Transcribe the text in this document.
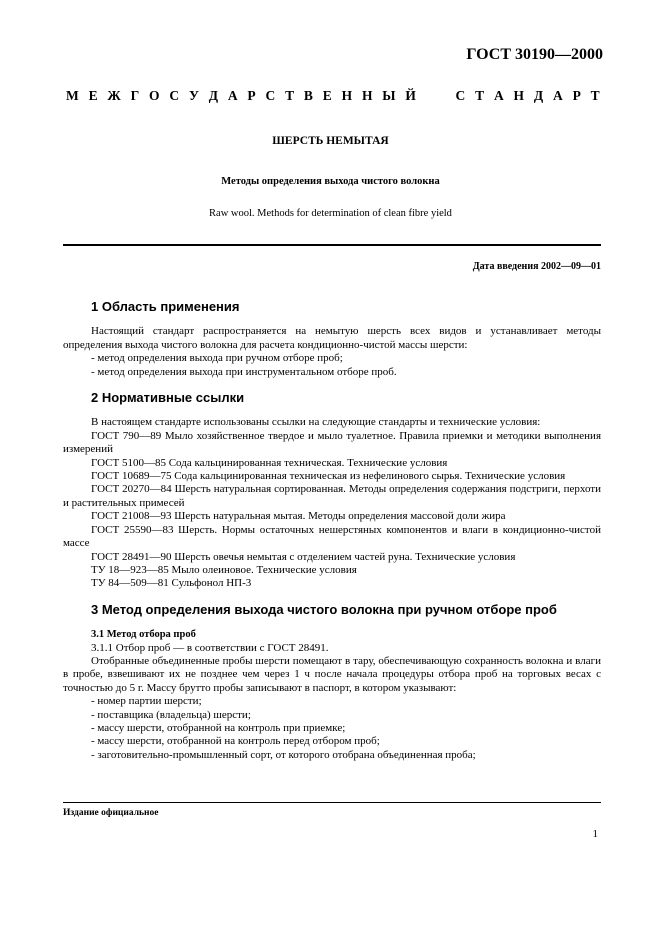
ГОСТ 30190—2000
М Е Ж Г О С У Д А Р С Т В Е Н Н Ы Й	С Т А Н Д А Р Т
ШЕРСТЬ НЕМЫТАЯ
Методы определения выхода чистого волокна
Raw wool. Methods for determination of clean fibre yield
Дата введения 2002—09—01
1 Область применения

Настоящий стандарт распространяется на немытую шерсть всех видов и устанавливает методы определения выхода чистого волокна для расчета кондиционно-чистой массы шерсти:

- метод определения выхода при ручном отборе проб;
- метод определения выхода при инструментальном отборе проб.
2 Нормативные ссылки

В настоящем стандарте использованы ссылки на следующие стандарты и технические условия:

ГОСТ 790—89 Мыло хозяйственное твердое и мыло туалетное. Правила приемки и методики выполнения измерений
ГОСТ 5100—85 Сода кальцинированная техническая. Технические условия
ГОСТ 10689—75 Сода кальцинированная техническая из нефелинового сырья. Технические условия
ГОСТ 20270—84 Шерсть натуральная сортированная. Методы определения содержания подстриги, перхоти и растительных примесей
ГОСТ 21008—93 Шерсть натуральная мытая. Методы определения массовой доли жира
ГОСТ 25590—83 Шерсть. Нормы остаточных нешерстяных компонентов и влаги в кондиционно-чистой массе
ГОСТ 28491—90 Шерсть овечья немытая с отделением частей руна. Технические условия
ТУ 18—923—85 Мыло олеиновое. Технические условия
ТУ 84—509—81 Сульфонол НП-3
3 Метод определения выхода чистого волокна при ручном отборе проб
3.1 Метод отбора проб

3.1.1 Отбор проб — в соответствии с ГОСТ 28491.

Отобранные объединенные пробы шерсти помещают в тару, обеспечивающую сохранность волокна и влаги в пробе, взвешивают их не позднее чем через 1 ч после начала процедуры отбора проб на торговых весах с точностью до 5 г. Массу брутто пробы записывают в паспорт, в котором указывают:

- номер партии шерсти;
- поставщика (владельца) шерсти;
- массу шерсти, отобранной на контроль при приемке;
- массу шерсти, отобранной на контроль перед отбором проб;
- заготовительно-промышленный сорт, от которого отобрана объединенная проба;
Издание официальное
1
